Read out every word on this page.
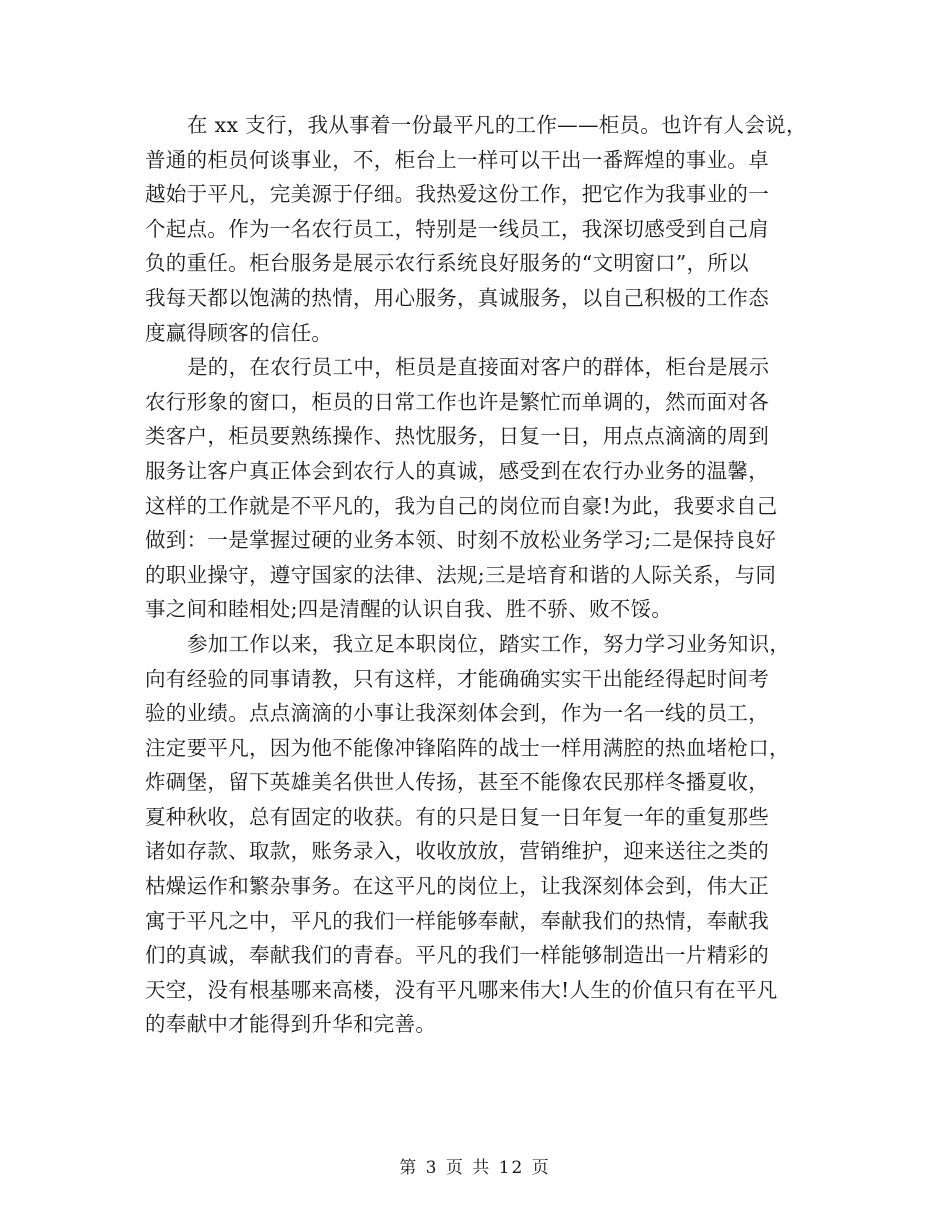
在 xx 支行，我从事着一份最平凡的工作——柜员。也许有人会说，
普通的柜员何谈事业，不，柜台上一样可以干出一番辉煌的事业。卓
越始于平凡，完美源于仔细。我热爱这份工作，把它作为我事业的一
个起点。作为一名农行员工，特别是一线员工，我深切感受到自己肩
负的重任。柜台服务是展示农行系统良好服务的“文明窗口”，所以
我每天都以饱满的热情，用心服务，真诚服务，以自己积极的工作态
度赢得顾客的信任。

是的，在农行员工中，柜员是直接面对客户的群体，柜台是展示
农行形象的窗口，柜员的日常工作也许是繁忙而单调的，然而面对各
类客户，柜员要熟练操作、热忱服务，日复一日，用点点滴滴的周到
服务让客户真正体会到农行人的真诚，感受到在农行办业务的温馨，
这样的工作就是不平凡的，我为自己的岗位而自豪!为此，我要求自己
做到：一是掌握过硬的业务本领、时刻不放松业务学习;二是保持良好
的职业操守，遵守国家的法律、法规;三是培育和谐的人际关系，与同
事之间和睦相处;四是清醒的认识自我、胜不骄、败不馁。

参加工作以来，我立足本职岗位，踏实工作，努力学习业务知识，
向有经验的同事请教，只有这样，才能确确实实干出能经得起时间考
验的业绩。点点滴滴的小事让我深刻体会到，作为一名一线的员工，
注定要平凡，因为他不能像冲锋陷阵的战士一样用满腔的热血堵枪口，
炸碉堡，留下英雄美名供世人传扬，甚至不能像农民那样冬播夏收，
夏种秋收，总有固定的收获。有的只是日复一日年复一年的重复那些
诸如存款、取款，账务录入，收收放放，营销维护，迎来送往之类的
枯燥运作和繁杂事务。在这平凡的岗位上，让我深刻体会到，伟大正
寓于平凡之中，平凡的我们一样能够奉献，奉献我们的热情，奉献我
们的真诚，奉献我们的青春。平凡的我们一样能够制造出一片精彩的
天空，没有根基哪来高楼，没有平凡哪来伟大!人生的价值只有在平凡
的奉献中才能得到升华和完善。

第 3 页 共 12 页
